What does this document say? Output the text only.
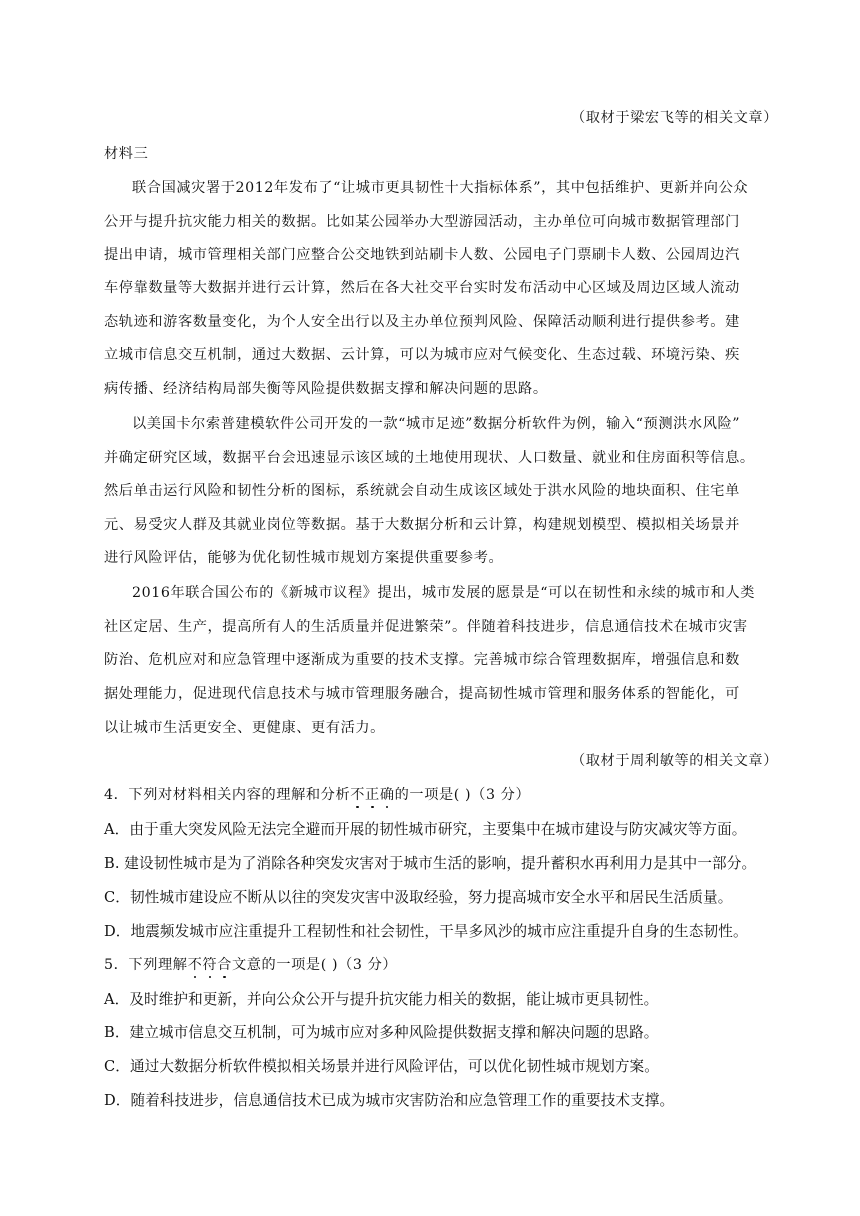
（取材于梁宏飞等的相关文章）
材料三
联合国减灾署于2012年发布了“让城市更具韧性十大指标体系”，其中包括维护、更新并向公众
公开与提升抗灾能力相关的数据。比如某公园举办大型游园活动，主办单位可向城市数据管理部门
提出申请，城市管理相关部门应整合公交地铁到站刷卡人数、公园电子门票刷卡人数、公园周边汽
车停靠数量等大数据并进行云计算，然后在各大社交平台实时发布活动中心区域及周边区域人流动
态轨迹和游客数量变化，为个人安全出行以及主办单位预判风险、保障活动顺利进行提供参考。建
立城市信息交互机制，通过大数据、云计算，可以为城市应对气候变化、生态过载、环境污染、疾
病传播、经济结构局部失衡等风险提供数据支撑和解决问题的思路。
以美国卡尔索普建模软件公司开发的一款“城市足迹”数据分析软件为例，输入“预测洪水风险”
并确定研究区域，数据平台会迅速显示该区域的土地使用现状、人口数量、就业和住房面积等信息。
然后单击运行风险和韧性分析的图标，系统就会自动生成该区域处于洪水风险的地块面积、住宅单
元、易受灾人群及其就业岗位等数据。基于大数据分析和云计算，构建规划模型、模拟相关场景并
进行风险评估，能够为优化韧性城市规划方案提供重要参考。
2016年联合国公布的《新城市议程》提出，城市发展的愿景是“可以在韧性和永续的城市和人类
社区定居、生产，提高所有人的生活质量并促进繁荣”。伴随着科技进步，信息通信技术在城市灾害
防治、危机应对和应急管理中逐渐成为重要的技术支撑。完善城市综合管理数据库，增强信息和数
据处理能力，促进现代信息技术与城市管理服务融合，提高韧性城市管理和服务体系的智能化，可
以让城市生活更安全、更健康、更有活力。
（取材于周利敏等的相关文章）
4．下列对材料相关内容的理解和分析不正确的一项是( )（3 分）
A．由于重大突发风险无法完全避而开展的韧性城市研究，主要集中在城市建设与防灾减灾等方面。
B. 建设韧性城市是为了消除各种突发灾害对于城市生活的影响，提升蓄积水再利用力是其中一部分。
C．韧性城市建设应不断从以往的突发灾害中汲取经验，努力提高城市安全水平和居民生活质量。
D．地震频发城市应注重提升工程韧性和社会韧性，干旱多风沙的城市应注重提升自身的生态韧性。
5．下列理解不符合文意的一项是( )（3 分）
A．及时维护和更新，并向公众公开与提升抗灾能力相关的数据，能让城市更具韧性。
B．建立城市信息交互机制，可为城市应对多种风险提供数据支撑和解决问题的思路。
C．通过大数据分析软件模拟相关场景并进行风险评估，可以优化韧性城市规划方案。
D．随着科技进步，信息通信技术已成为城市灾害防治和应急管理工作的重要技术支撑。
